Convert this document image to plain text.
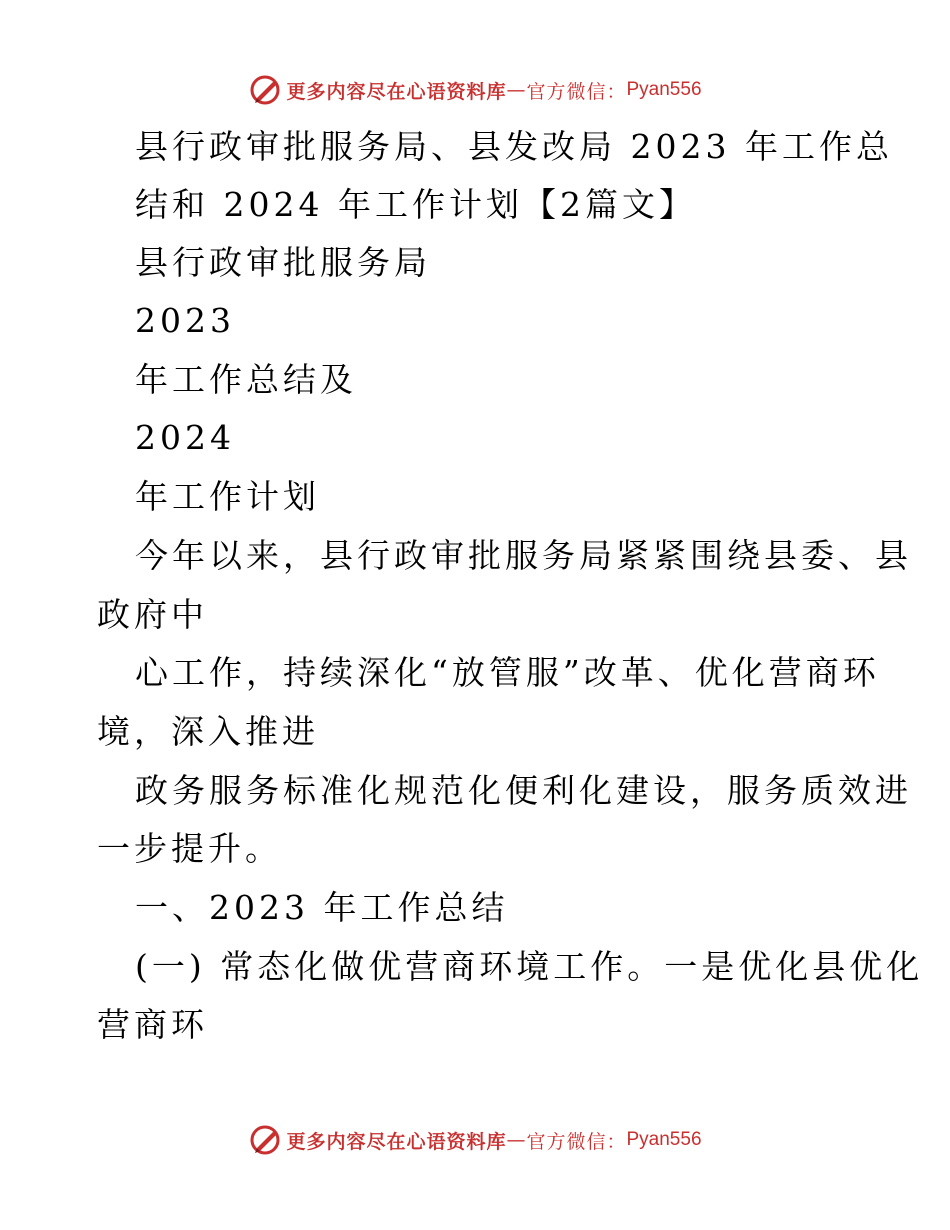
更多内容尽在心语资料库 — 官方微信： Pyan556
县行政审批服务局、县发改局 2023 年工作总
结和 2024 年工作计划【2篇文】
县行政审批服务局
2023
年工作总结及
2024
年工作计划
今年以来，县行政审批服务局紧紧围绕县委、县
政府中
心工作，持续深化“放管服”改革、优化营商环
境，深入推进
政务服务标准化规范化便利化建设，服务质效进
一步提升。
一、2023 年工作总结
(一) 常态化做优营商环境工作。一是优化县优化
营商环
更多内容尽在心语资料库 — 官方微信： Pyan556
